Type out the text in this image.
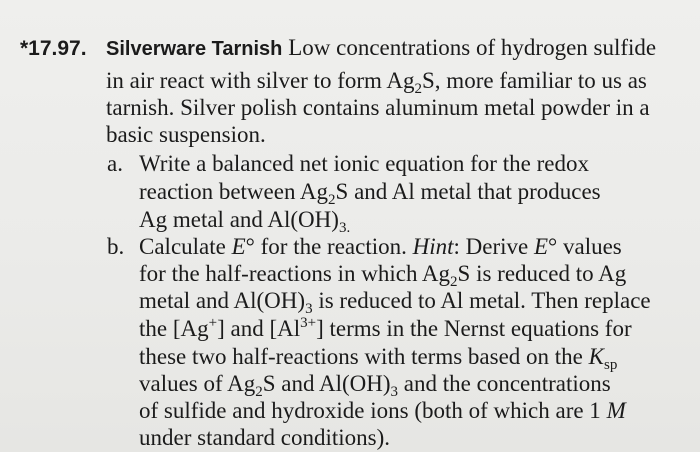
*17.97. Silverware Tarnish Low concentrations of hydrogen sulfide
in air react with silver to form $Ag_2S$, more familiar to us as
tarnish. Silver polish contains aluminum metal powder in a
basic suspension.
a. Write a balanced net ionic equation for the redox
reaction between $Ag_2S$ and Al metal that produces
Ag metal and $Al(OH)_{3.}$
b. Calculate E° for the reaction. Hint: Derive E° values
for the half-reactions in which $Ag_2S$ is reduced to Ag
metal and $Al(OH)_3$ is reduced to Al metal. Then replace
the [Ag+] and $[Al^{3+}]$ terms in the Nernst equations for
these two half-reactions with terms based on the $K_{sp}$
values of $Ag_2S$ and $Al(OH)_3$ and the concentrations
of sulfide and hydroxide ions (both of which are 1 M
under standard conditions).
